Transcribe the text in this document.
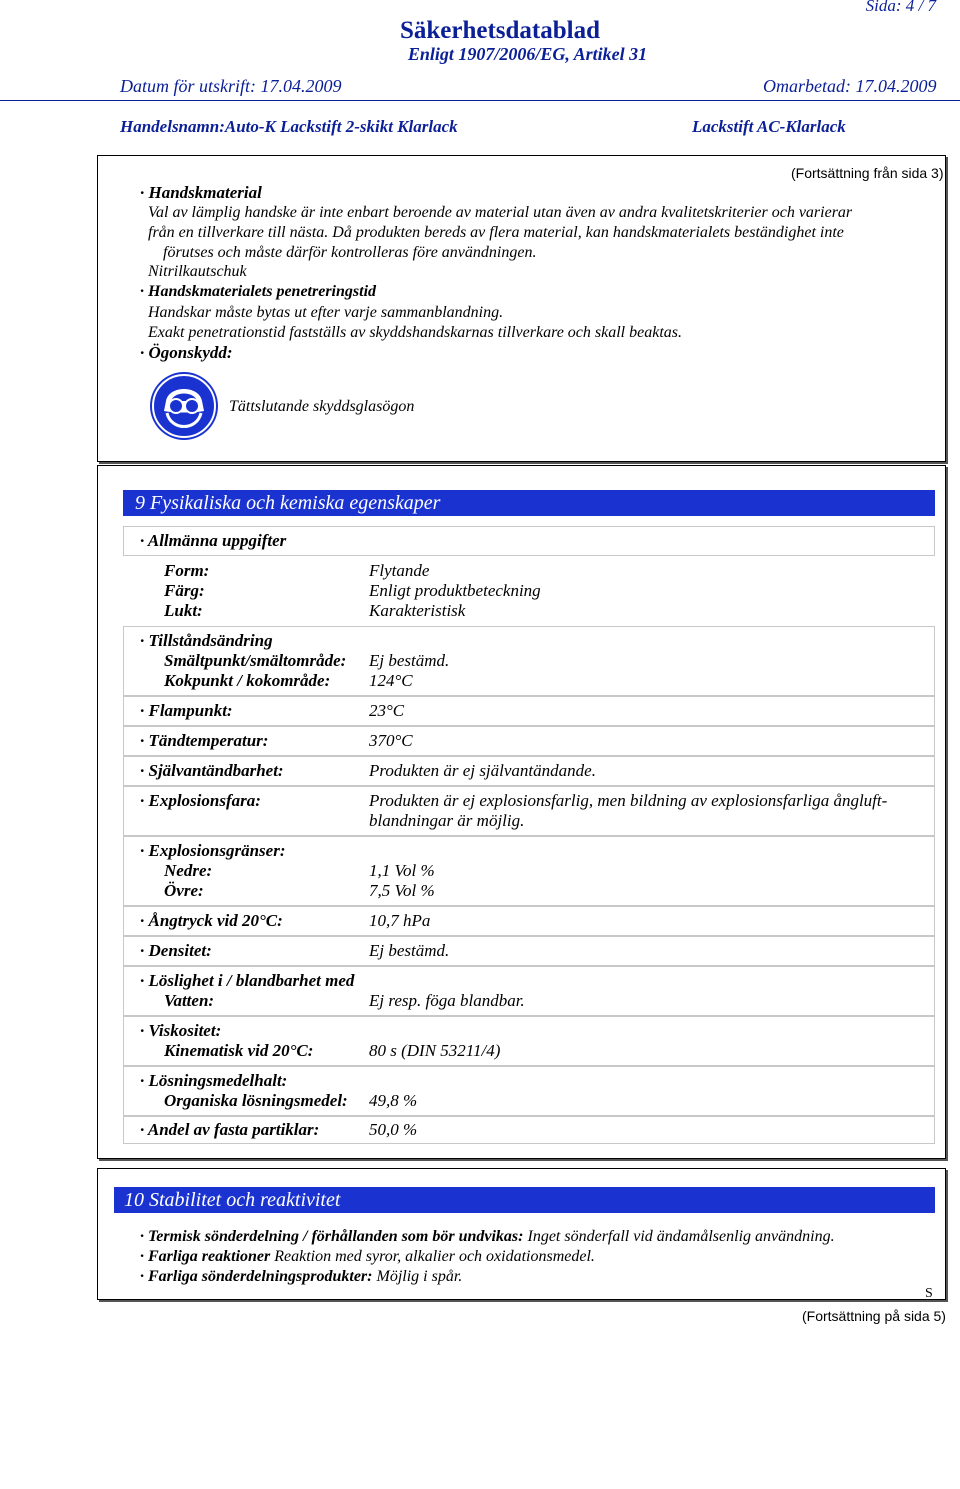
Sida: 4 / 7
Säkerhetsdatablad
Enligt 1907/2006/EG, Artikel 31
Datum för utskrift: 17.04.2009	Omarbetad: 17.04.2009
Handelsnamn:Auto-K Lackstift 2-skikt Klarlack	Lackstift AC-Klarlack
(Fortsättning från sida 3)
· Handskmaterial
Val av lämplig handske är inte enbart beroende av material utan även av andra kvalitetskriterier och varierar
från en tillverkare till nästa. Då produkten bereds av flera material, kan handskmaterialets beständighet inte
förutses och måste därför kontrolleras före användningen.
Nitrilkautschuk
· Handskmaterialets penetreringstid
Handskar måste bytas ut efter varje sammanblandning.
Exakt penetrationstid fastställs av skyddshandskarnas tillverkare och skall beaktas.
· Ögonskydd:
Tättslutande skyddsglasögon
9 Fysikaliska och kemiska egenskaper
· Allmänna uppgifter
Form:	Flytande
Färg:	Enligt produktbeteckning
Lukt:	Karakteristisk
· Tillståndsändring
Smältpunkt/smältområde: Ej bestämd.
Kokpunkt / kokområde: 124°C
· Flampunkt:	23°C
· Tändtemperatur:	370°C
· Självantändbarhet:	Produkten är ej självantändande.
· Explosionsfara:	Produkten är ej explosionsfarlig, men bildning av explosionsfarliga ångluft-
blandningar är möjlig.
· Explosionsgränser:
Nedre:	1,1 Vol %
Övre:	7,5 Vol %
· Ångtryck vid 20°C:	10,7 hPa
· Densitet:	Ej bestämd.
· Löslighet i / blandbarhet med
Vatten:	Ej resp. föga blandbar.
· Viskositet:
Kinematisk vid 20°C:	80 s (DIN 53211/4)
· Lösningsmedelhalt:
Organiska lösningsmedel: 49,8 %
· Andel av fasta partiklar:	50,0 %
10 Stabilitet och reaktivitet
· Termisk sönderdelning / förhållanden som bör undvikas: Inget sönderfall vid ändamålsenlig användning.
· Farliga reaktioner Reaktion med syror, alkalier och oxidationsmedel.
· Farliga sönderdelningsprodukter: Möjlig i spår.
S
(Fortsättning på sida 5)
